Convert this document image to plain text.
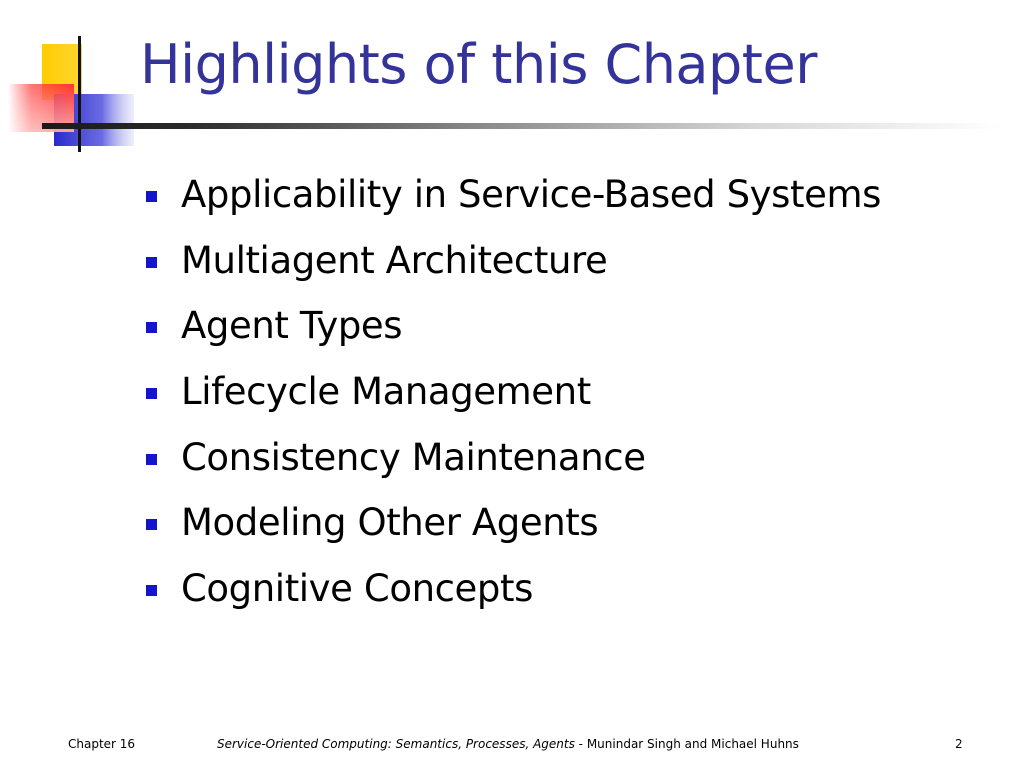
Highlights of this Chapter
Applicability in Service-Based Systems
Multiagent Architecture
Agent Types
Lifecycle Management
Consistency Maintenance
Modeling Other Agents
Cognitive Concepts
Chapter 16	Service-Oriented Computing: Semantics, Processes, Agents - Munindar Singh and Michael Huhns	2
